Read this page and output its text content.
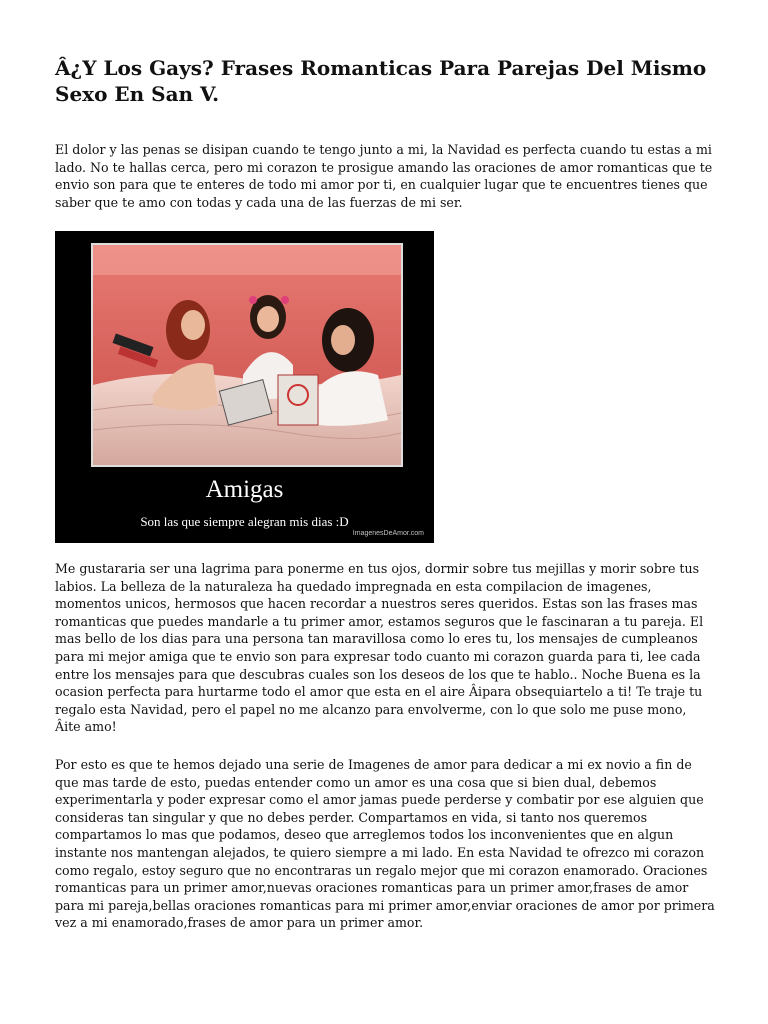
Â¿Y Los Gays? Frases Romanticas Para Parejas Del Mismo Sexo En San V.

El dolor y las penas se disipan cuando te tengo junto a mi, la Navidad es perfecta cuando tu estas a mi lado. No te hallas cerca, pero mi corazon te prosigue amando las oraciones de amor romanticas que te envio son para que te enteres de todo mi amor por ti, en cualquier lugar que te encuentres tienes que saber que te amo con todas y cada una de las fuerzas de mi ser.

ImagenesDeAmor.com
Amigas
Son las que siempre alegran mis dias :D

Me gustararia ser una lagrima para ponerme en tus ojos, dormir sobre tus mejillas y morir sobre tus labios. La belleza de la naturaleza ha quedado impregnada en esta compilacion de imagenes, momentos unicos, hermosos que hacen recordar a nuestros seres queridos. Estas son las frases mas romanticas que puedes mandarle a tu primer amor, estamos seguros que le fascinaran a tu pareja. El mas bello de los dias para una persona tan maravillosa como lo eres tu, los mensajes de cumpleanos para mi mejor amiga que te envio son para expresar todo cuanto mi corazon guarda para ti, lee cada entre los mensajes para que descubras cuales son los deseos de los que te hablo.. Noche Buena es la ocasion perfecta para hurtarme todo el amor que esta en el aire Âipara obsequiartelo a ti! Te traje tu regalo esta Navidad, pero el papel no me alcanzo para envolverme, con lo que solo me puse mono, Âite amo!

Por esto es que te hemos dejado una serie de Imagenes de amor para dedicar a mi ex novio a fin de que mas tarde de esto, puedas entender como un amor es una cosa que si bien dual, debemos experimentarla y poder expresar como el amor jamas puede perderse y combatir por ese alguien que consideras tan singular y que no debes perder. Compartamos en vida, si tanto nos queremos compartamos lo mas que podamos, deseo que arreglemos todos los inconvenientes que en algun instante nos mantengan alejados, te quiero siempre a mi lado. En esta Navidad te ofrezco mi corazon como regalo, estoy seguro que no encontraras un regalo mejor que mi corazon enamorado. Oraciones romanticas para un primer amor,nuevas oraciones romanticas para un primer amor,frases de amor para mi pareja,bellas oraciones romanticas para mi primer amor,enviar oraciones de amor por primera vez a mi enamorado,frases de amor para un primer amor.
